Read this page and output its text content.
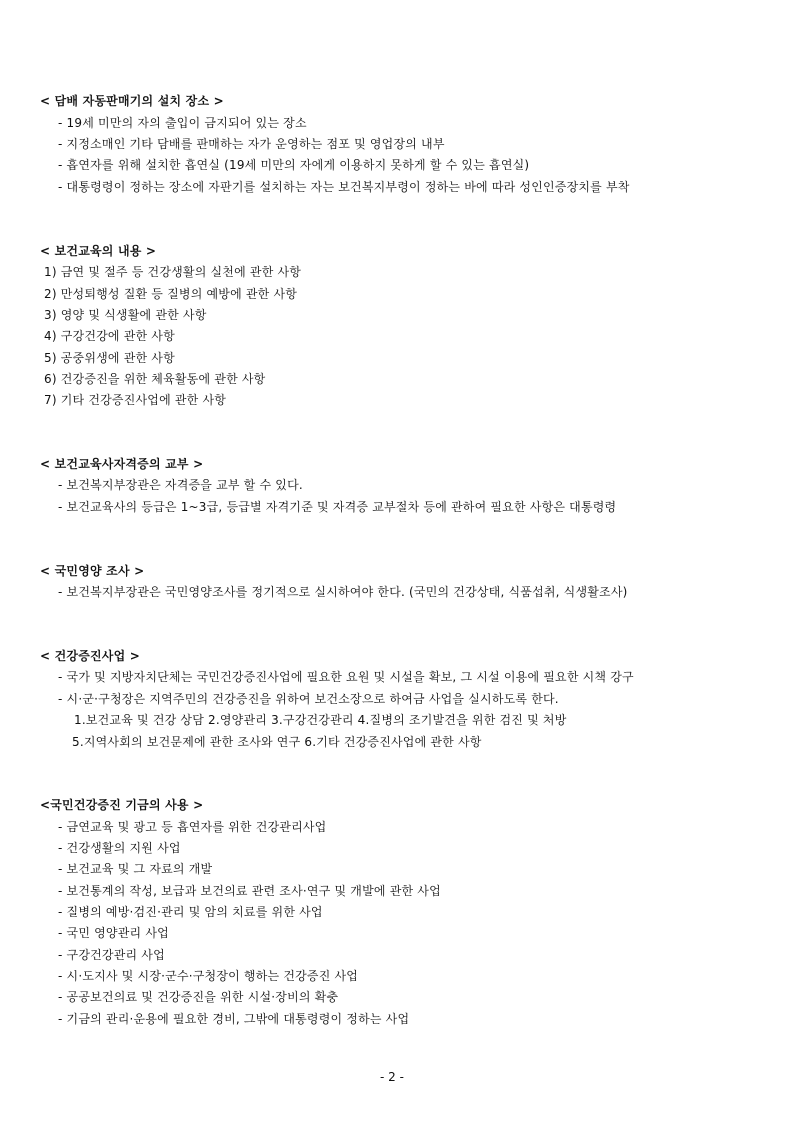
< 담배 자동판매기의 설치 장소 >
- 19세 미만의 자의 출입이 금지되어 있는 장소
- 지정소매인 기타 담배를 판매하는 자가 운영하는 점포 및 영업장의 내부
- 흡연자를 위해 설치한 흡연실 (19세 미만의 자에게 이용하지 못하게 할 수 있는 흡연실)
- 대통령령이 정하는 장소에 자판기를 설치하는 자는 보건복지부령이 정하는 바에 따라 성인인증장치를 부착
< 보건교육의 내용 >
1) 금연 및 절주 등 건강생활의 실천에 관한 사항
2) 만성퇴행성 질환 등 질병의 예방에 관한 사항
3) 영양 및 식생활에 관한 사항
4) 구강건강에 관한 사항
5) 공중위생에 관한 사항
6) 건강증진을 위한 체육활동에 관한 사항
7) 기타 건강증진사업에 관한 사항
< 보건교육사자격증의 교부 >
- 보건복지부장관은 자격증을 교부 할 수 있다.
- 보건교육사의 등급은 1~3급, 등급별 자격기준 및 자격증 교부절차 등에 관하여 필요한 사항은 대통령령
< 국민영양 조사 >
- 보건복지부장관은 국민영양조사를 정기적으로 실시하여야 한다. (국민의 건강상태, 식품섭취, 식생활조사)
< 건강증진사업 >
- 국가 및 지방자치단체는 국민건강증진사업에 필요한 요원 및 시설을 확보, 그 시설 이용에 필요한 시책 강구
- 시·군·구청장은 지역주민의 건강증진을 위하여 보건소장으로 하여금 사업을 실시하도록 한다.
1.보건교육 및 건강 상담 2.영양관리 3.구강건강관리 4.질병의 조기발견을 위한 검진 및 처방
5.지역사회의 보건문제에 관한 조사와 연구 6.기타 건강증진사업에 관한 사항
<국민건강증진 기금의 사용 >
- 금연교육 및 광고 등 흡연자를 위한 건강관리사업
- 건강생활의 지원 사업
- 보건교육 및 그 자료의 개발
- 보건통계의 작성, 보급과 보건의료 관련 조사·연구 및 개발에 관한 사업
- 질병의 예방·검진·관리 및 암의 치료를 위한 사업
- 국민 영양관리 사업
- 구강건강관리 사업
- 시·도지사 및 시장·군수·구청장이 행하는 건강증진 사업
- 공공보건의료 및 건강증진을 위한 시설·장비의 확충
- 기금의 관리·운용에 필요한 경비, 그밖에 대통령령이 정하는 사업
- 2 -
